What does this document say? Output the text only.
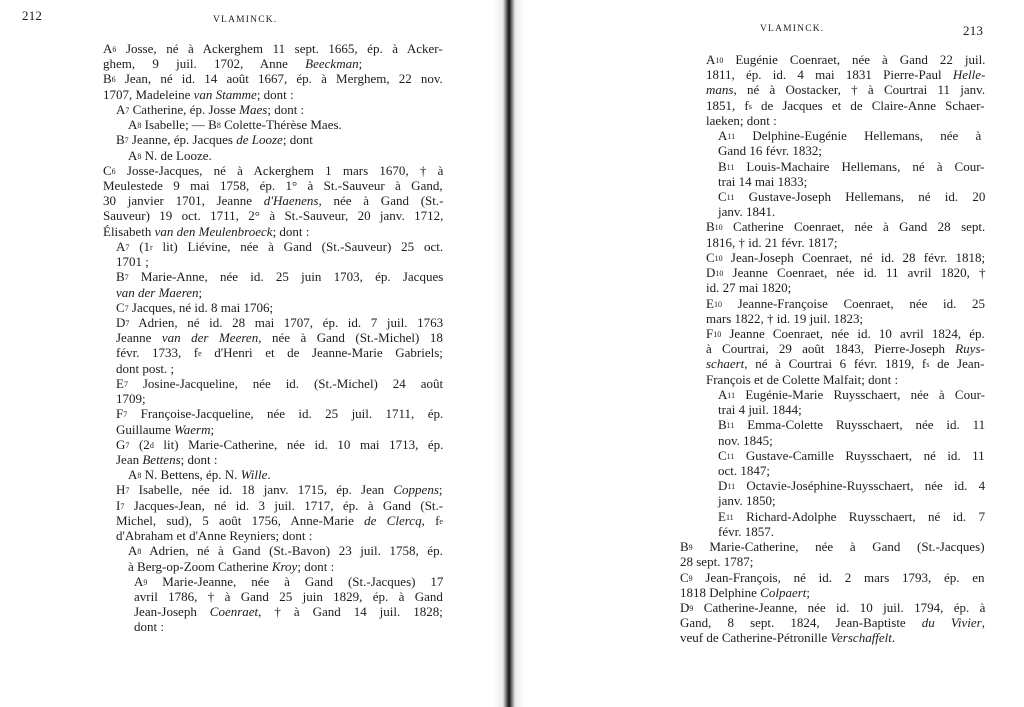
212	VLAMINCK.
A6 Josse, né à Ackerghem 11 sept. 1665, ép. à Acker-
ghem, 9 juil. 1702, Anne Beeckman;
B6 Jean, né id. 14 août 1667, ép. à Merghem, 22 nov.
1707, Madeleine van Stamme; dont :
A7 Catherine, ép. Josse Maes; dont :
A8 Isabelle; — B8 Colette-Thérèse Maes.
B7 Jeanne, ép. Jacques de Looze; dont
A8 N. de Looze.
C6 Josse-Jacques, né à Ackerghem 1 mars 1670, † à
Meulestede 9 mai 1758, ép. 1° à St.-Sauveur à Gand,
30 janvier 1701, Jeanne d'Haenens, née à Gand (St.-
Sauveur) 19 oct. 1711, 2° à St.-Sauveur, 20 janv. 1712,
Élisabeth van den Meulenbroeck; dont :
A7 (1r lit) Liévine, née à Gand (St.-Sauveur) 25 oct.
1701 ;
B7 Marie-Anne, née id. 25 juin 1703, ép. Jacques
van der Maeren;
C7 Jacques, né id. 8 mai 1706;
D7 Adrien, né id. 28 mai 1707, ép. id. 7 juil. 1763
Jeanne van der Meeren, née à Gand (St.-Michel) 18
févr. 1733, fe d'Henri et de Jeanne-Marie Gabriels;
dont post. ;
E7 Josine-Jacqueline, née id. (St.-Michel) 24 août
1709;
F7 Françoise-Jacqueline, née id. 25 juil. 1711, ép.
Guillaume Waerm;
G7 (2d lit) Marie-Catherine, née id. 10 mai 1713, ép.
Jean Bettens; dont :
A8 N. Bettens, ép. N. Wille.
H7 Isabelle, née id. 18 janv. 1715, ép. Jean Coppens;
I7 Jacques-Jean, né id. 3 juil. 1717, ép. à Gand (St.-
Michel, sud), 5 août 1756, Anne-Marie de Clercq, fe
d'Abraham et d'Anne Reyniers; dont :
A8 Adrien, né à Gand (St.-Bavon) 23 juil. 1758, ép.
à Berg-op-Zoom Catherine Kroy; dont :
A9 Marie-Jeanne, née à Gand (St.-Jacques) 17
avril 1786, † à Gand 25 juin 1829, ép. à Gand
Jean-Joseph Coenraet, † à Gand 14 juil. 1828;
dont :
213
VLAMINCK.
A10 Eugénie Coenraet, née à Gand 22 juil.
1811, ép. id. 4 mai 1831 Pierre-Paul Helle-
mans, né à Oostacker, † à Courtrai 11 janv.
1851, fs de Jacques et de Claire-Anne Schaer-
laeken; dont :
A11 Delphine-Eugénie Hellemans, née à
Gand 16 févr. 1832;
B11 Louis-Machaire Hellemans, né à Cour-
trai 14 mai 1833;
C11 Gustave-Joseph Hellemans, né id. 20
janv. 1841.
B10 Catherine Coenraet, née à Gand 28 sept.
1816, † id. 21 févr. 1817;
C10 Jean-Joseph Coenraet, né id. 28 févr. 1818;
D10 Jeanne Coenraet, née id. 11 avril 1820, †
id. 27 mai 1820;
E10 Jeanne-Françoise Coenraet, née id. 25
mars 1822, † id. 19 juil. 1823;
F10 Jeanne Coenraet, née id. 10 avril 1824, ép.
à Courtrai, 29 août 1843, Pierre-Joseph Ruys-
schaert, né à Courtrai 6 févr. 1819, fs de Jean-
François et de Colette Malfait; dont :
A11 Eugénie-Marie Ruysschaert, née à Cour-
trai 4 juil. 1844;
B11 Emma-Colette Ruysschaert, née id. 11
nov. 1845;
C11 Gustave-Camille Ruysschaert, né id. 11
oct. 1847;
D11 Octavie-Joséphine-Ruysschaert, née id. 4
janv. 1850;
E11 Richard-Adolphe Ruysschaert, né id. 7
févr. 1857.
B9 Marie-Catherine, née à Gand (St.-Jacques)
28 sept. 1787;
C9 Jean-François, né id. 2 mars 1793, ép. en
1818 Delphine Colpaert;
D9 Catherine-Jeanne, née id. 10 juil. 1794, ép. à
Gand, 8 sept. 1824, Jean-Baptiste du Vivier,
veuf de Catherine-Pétronille Verschaffelt.
